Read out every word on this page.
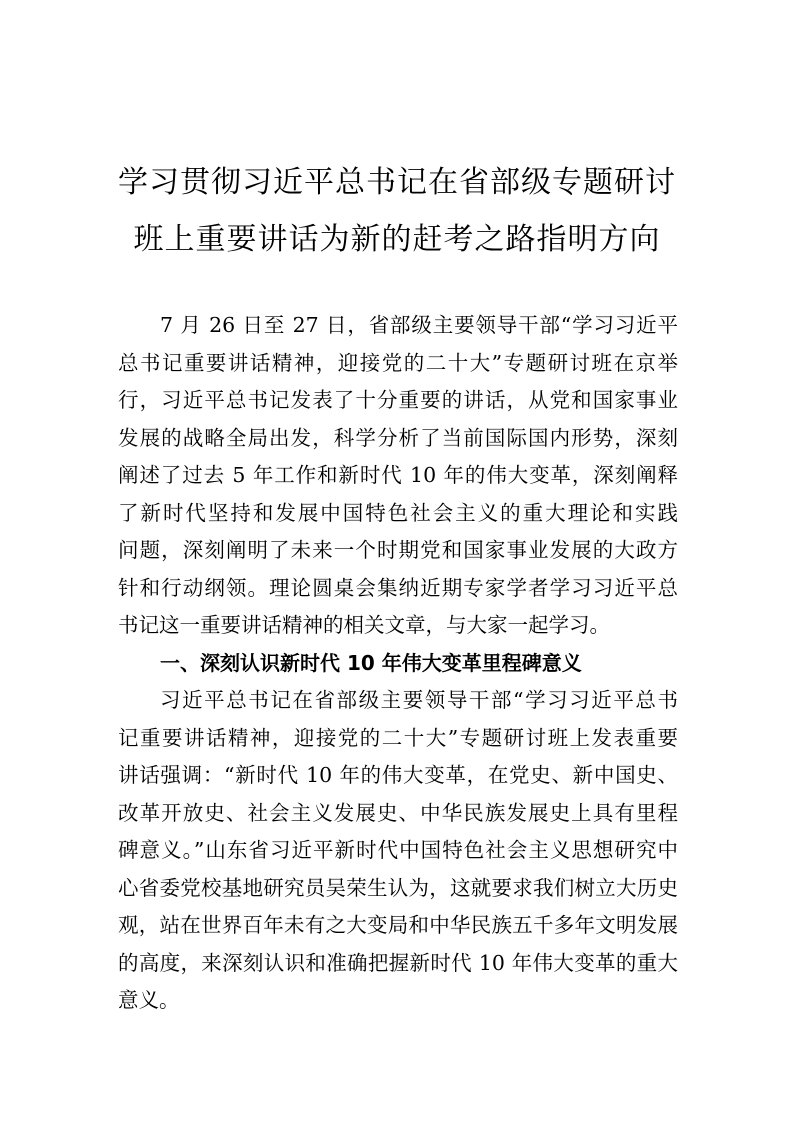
学习贯彻习近平总书记在省部级专题研讨
班上重要讲话为新的赶考之路指明方向
7 月 26 日至 27 日，省部级主要领导干部“学习习近平
总书记重要讲话精神，迎接党的二十大”专题研讨班在京举
行，习近平总书记发表了十分重要的讲话，从党和国家事业
发展的战略全局出发，科学分析了当前国际国内形势，深刻
阐述了过去 5 年工作和新时代 10 年的伟大变革，深刻阐释
了新时代坚持和发展中国特色社会主义的重大理论和实践
问题，深刻阐明了未来一个时期党和国家事业发展的大政方
针和行动纲领。理论圆桌会集纳近期专家学者学习习近平总
书记这一重要讲话精神的相关文章，与大家一起学习。
一、深刻认识新时代 10 年伟大变革里程碑意义
习近平总书记在省部级主要领导干部“学习习近平总书
记重要讲话精神，迎接党的二十大”专题研讨班上发表重要
讲话强调：“新时代 10 年的伟大变革，在党史、新中国史、
改革开放史、社会主义发展史、中华民族发展史上具有里程
碑意义。”山东省习近平新时代中国特色社会主义思想研究中
心省委党校基地研究员吴荣生认为，这就要求我们树立大历史
观，站在世界百年未有之大变局和中华民族五千多年文明发展
的高度，来深刻认识和准确把握新时代 10 年伟大变革的重大
意义。
